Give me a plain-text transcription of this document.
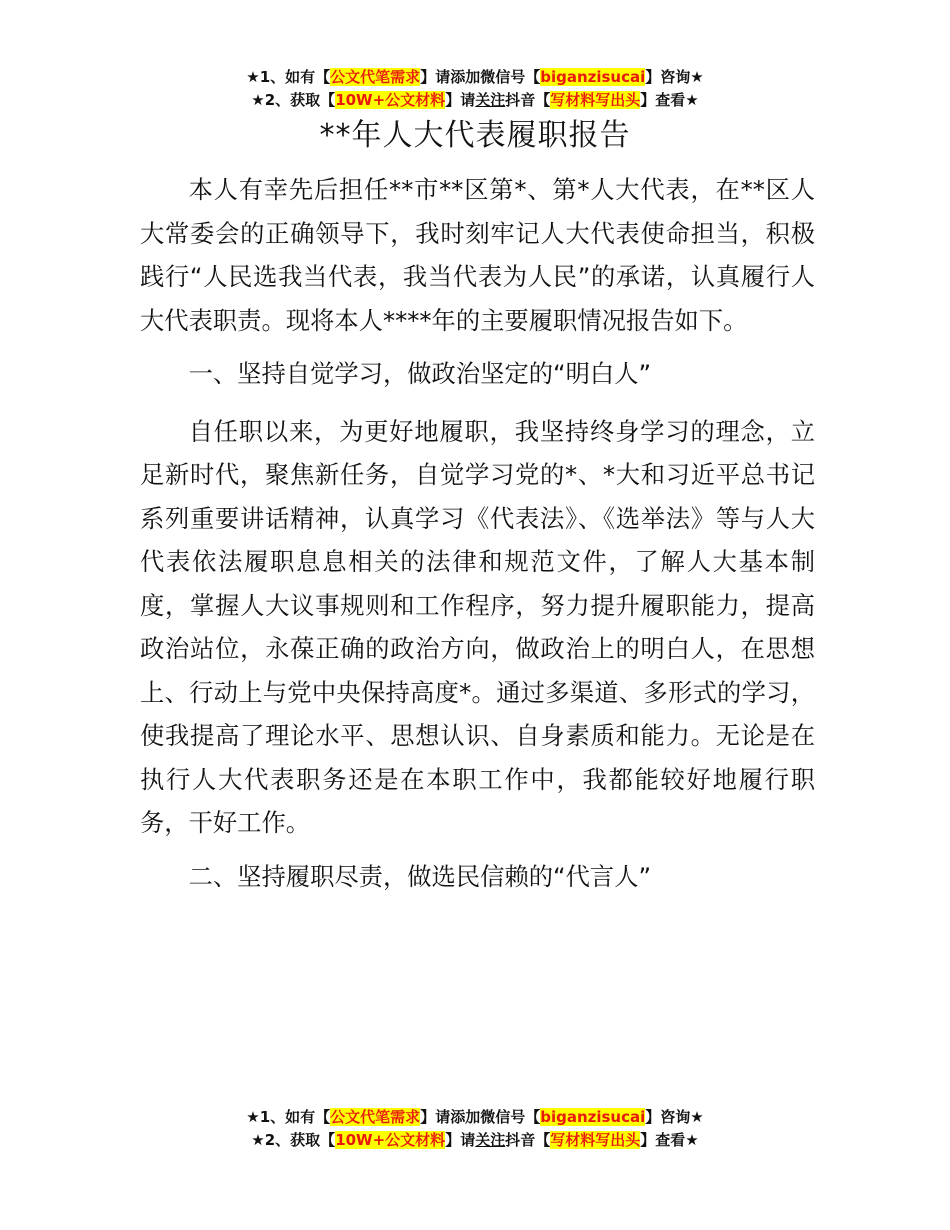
★1、如有【公文代笔需求】请添加微信号【biganzisucai】咨询★
★2、获取【10W+公文材料】请关注抖音【写材料写出头】查看★
**年人大代表履职报告

本人有幸先后担任**市**区第*、第*人大代表，在**区人大常委会的正确领导下，我时刻牢记人大代表使命担当，积极践行“人民选我当代表，我当代表为人民”的承诺，认真履行人大代表职责。现将本人****年的主要履职情况报告如下。

一、坚持自觉学习，做政治坚定的“明白人”

自任职以来，为更好地履职，我坚持终身学习的理念，立足新时代，聚焦新任务，自觉学习党的*、*大和习近平总书记系列重要讲话精神，认真学习《代表法》、《选举法》等与人大代表依法履职息息相关的法律和规范文件，了解人大基本制度，掌握人大议事规则和工作程序，努力提升履职能力，提高政治站位，永葆正确的政治方向，做政治上的明白人，在思想上、行动上与党中央保持高度*。通过多渠道、多形式的学习，使我提高了理论水平、思想认识、自身素质和能力。无论是在执行人大代表职务还是在本职工作中，我都能较好地履行职务，干好工作。

二、坚持履职尽责，做选民信赖的“代言人”

★1、如有【公文代笔需求】请添加微信号【biganzisucai】咨询★
★2、获取【10W+公文材料】请关注抖音【写材料写出头】查看★
